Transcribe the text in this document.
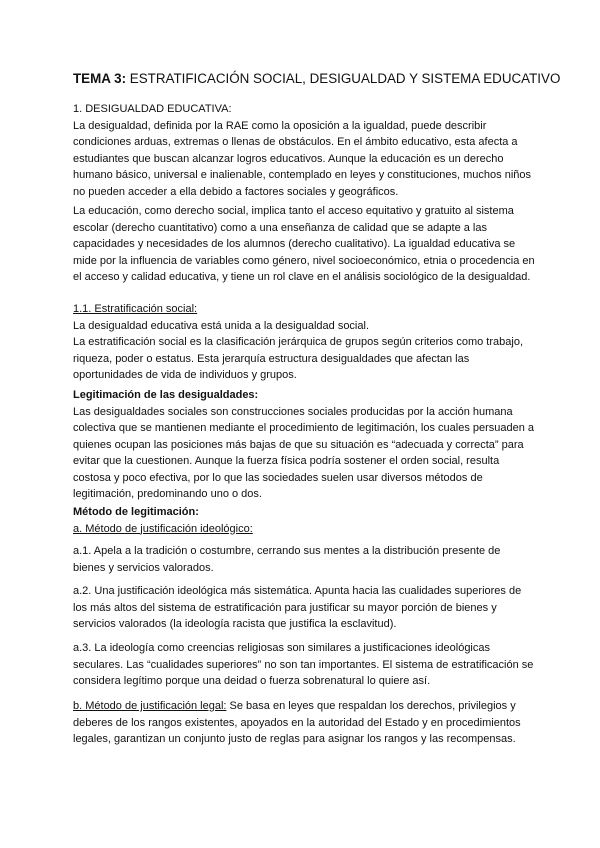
TEMA 3: ESTRATIFICACIÓN SOCIAL, DESIGUALDAD Y SISTEMA EDUCATIVO

1. DESIGUALDAD EDUCATIVA:

La desigualdad, definida por la RAE como la oposición a la igualdad, puede describir condiciones arduas, extremas o llenas de obstáculos. En el ámbito educativo, esta afecta a estudiantes que buscan alcanzar logros educativos. Aunque la educación es un derecho humano básico, universal e inalienable, contemplado en leyes y constituciones, muchos niños no pueden acceder a ella debido a factores sociales y geográficos.

La educación, como derecho social, implica tanto el acceso equitativo y gratuito al sistema escolar (derecho cuantitativo) como a una enseñanza de calidad que se adapte a las capacidades y necesidades de los alumnos (derecho cualitativo). La igualdad educativa se mide por la influencia de variables como género, nivel socioeconómico, etnia o procedencia en el acceso y calidad educativa, y tiene un rol clave en el análisis sociológico de la desigualdad.

1.1. Estratificación social:

La desigualdad educativa está unida a la desigualdad social.

La estratificación social es la clasificación jerárquica de grupos según criterios como trabajo, riqueza, poder o estatus. Esta jerarquía estructura desigualdades que afectan las oportunidades de vida de individuos y grupos.

Legitimación de las desigualdades:

Las desigualdades sociales son construcciones sociales producidas por la acción humana colectiva que se mantienen mediante el procedimiento de legitimación, los cuales persuaden a quienes ocupan las posiciones más bajas de que su situación es “adecuada y correcta” para evitar que la cuestionen. Aunque la fuerza física podría sostener el orden social, resulta costosa y poco efectiva, por lo que las sociedades suelen usar diversos métodos de legitimación, predominando uno o dos.

Método de legitimación:

a. Método de justificación ideológico:

a.1. Apela a la tradición o costumbre, cerrando sus mentes a la distribución presente de bienes y servicios valorados.

a.2. Una justificación ideológica más sistemática. Apunta hacia las cualidades superiores de los más altos del sistema de estratificación para justificar su mayor porción de bienes y servicios valorados (la ideología racista que justifica la esclavitud).

a.3. La ideología como creencias religiosas son similares a justificaciones ideológicas seculares. Las “cualidades superiores” no son tan importantes. El sistema de estratificación se considera legítimo porque una deidad o fuerza sobrenatural lo quiere así.

b. Método de justificación legal: Se basa en leyes que respaldan los derechos, privilegios y deberes de los rangos existentes, apoyados en la autoridad del Estado y en procedimientos legales, garantizan un conjunto justo de reglas para asignar los rangos y las recompensas.
